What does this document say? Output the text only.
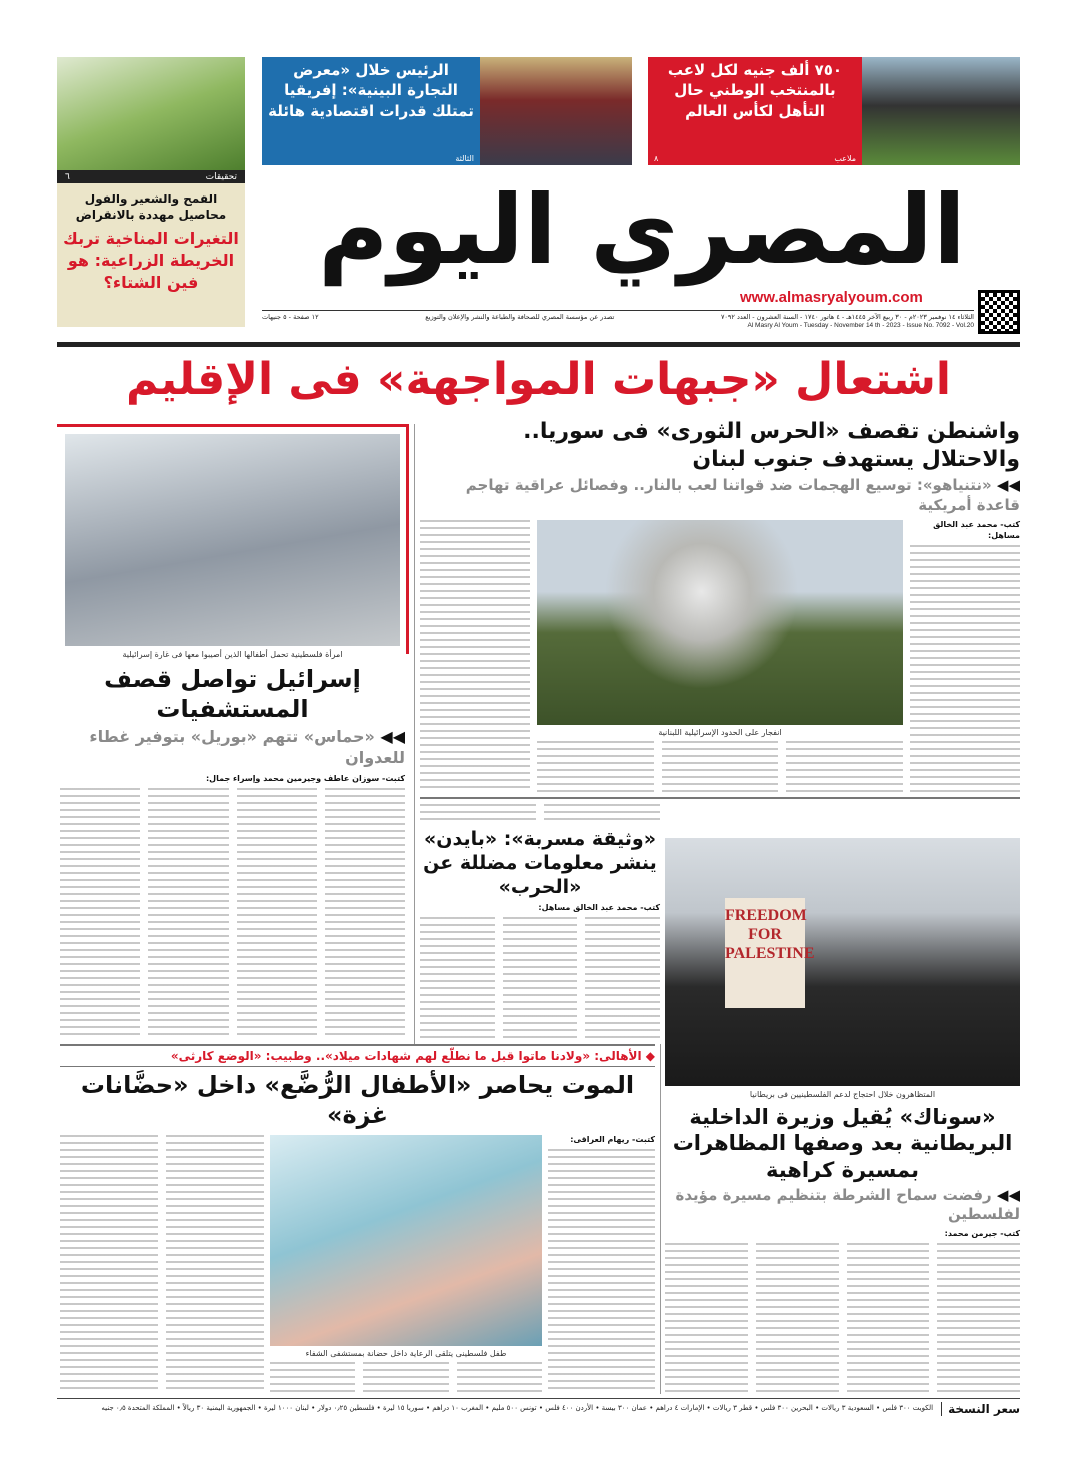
تحقيقات
٦
القمح والشعير والفول محاصيل مهددة بالانقراض
التغيرات المناخية تربك الخريطة الزراعية: هو فين الشتاء؟
الرئيس خلال «معرض التجارة البينية»: إفريقيا تمتلك قدرات اقتصادية هائلة
الثالثة
٧٥٠ ألف جنيه لكل لاعب بالمنتخب الوطني حال التأهل لكأس العالم
ملاعب
٨
المصري اليوم
www.almasryalyoum.com
الثلاثاء ١٤ نوفمبر ٢٠٢٣م - ٣٠ ربيع الآخر ١٤٤٥هـ - ٤ هاتور ١٧٤٠ - السنة العشرون - العدد ٧٠٩٢
تصدر عن مؤسسة المصري للصحافة والطباعة والنشر والإعلان والتوزيع
١٢ صفحة - ٥ جنيهات
Al Masry Al Youm - Tuesday - November 14 th - 2023 - Issue No. 7092 - Vol.20
اشتعال «جبهات المواجهة» فى الإقليم
واشنطن تقصف «الحرس الثورى» فى سوريا.. والاحتلال يستهدف جنوب لبنان
◀◀ «نتنياهو»: توسيع الهجمات ضد قواتنا لعب بالنار.. وفصائل عراقية تهاجم قاعدة أمريكية
كتب- محمد عبد الخالق مساهل:
انفجار على الحدود الإسرائيلية اللبنانية
امرأة فلسطينية تحمل أطفالها الذين أصيبوا معها فى غارة إسرائيلية
إسرائيل تواصل قصف المستشفيات
◀◀ «حماس» تتهم «بوريل» بتوفير غطاء للعدوان
كتبت- سوزان عاطف وجيرمين محمد وإسراء جمال:
«وثيقة مسربة»: «بايدن» ينشر معلومات مضللة عن «الحرب»
كتب- محمد عبد الخالق مساهل:	FREEDOM FOR PALESTINE
المتظاهرون خلال احتجاج لدعم الفلسطينيين فى بريطانيا
◆ الأهالى: «ولادنا ماتوا قبل ما نطلّع لهم شهادات ميلاد».. وطبيب: «الوضع كارثى»
الموت يحاصر «الأطفال الرُّضَّع» داخل «حضَّانات غزة»
كتبت- ريهام العراقى:
طفل فلسطينى يتلقى الرعاية داخل حضانة بمستشفى الشفاء
«سوناك» يُقيل وزيرة الداخلية البريطانية بعد وصفها المظاهرات بمسيرة كراهية
◀◀ رفضت سماح الشرطة بتنظيم مسيرة مؤيدة لفلسطين
كتب- جيرمن محمد:
سعر النسخة
الكويت ٣٠٠ فلس • السعودية ٣ ريالات • البحرين ٣٠٠ فلس • قطر ٣ ريالات • الإمارات ٤ دراهم • عمان ٣٠٠ بيسة • الأردن ٤٠٠ فلس • تونس ٥٠٠ مليم • المغرب ١٠ دراهم • سوريا ١٥ ليرة • فلسطين ٠٫٢٥ دولار • لبنان ١٠٠٠ ليرة • الجمهورية اليمنية ٣٠ ريالاً • المملكة المتحدة ٠٫٥ جنيه
